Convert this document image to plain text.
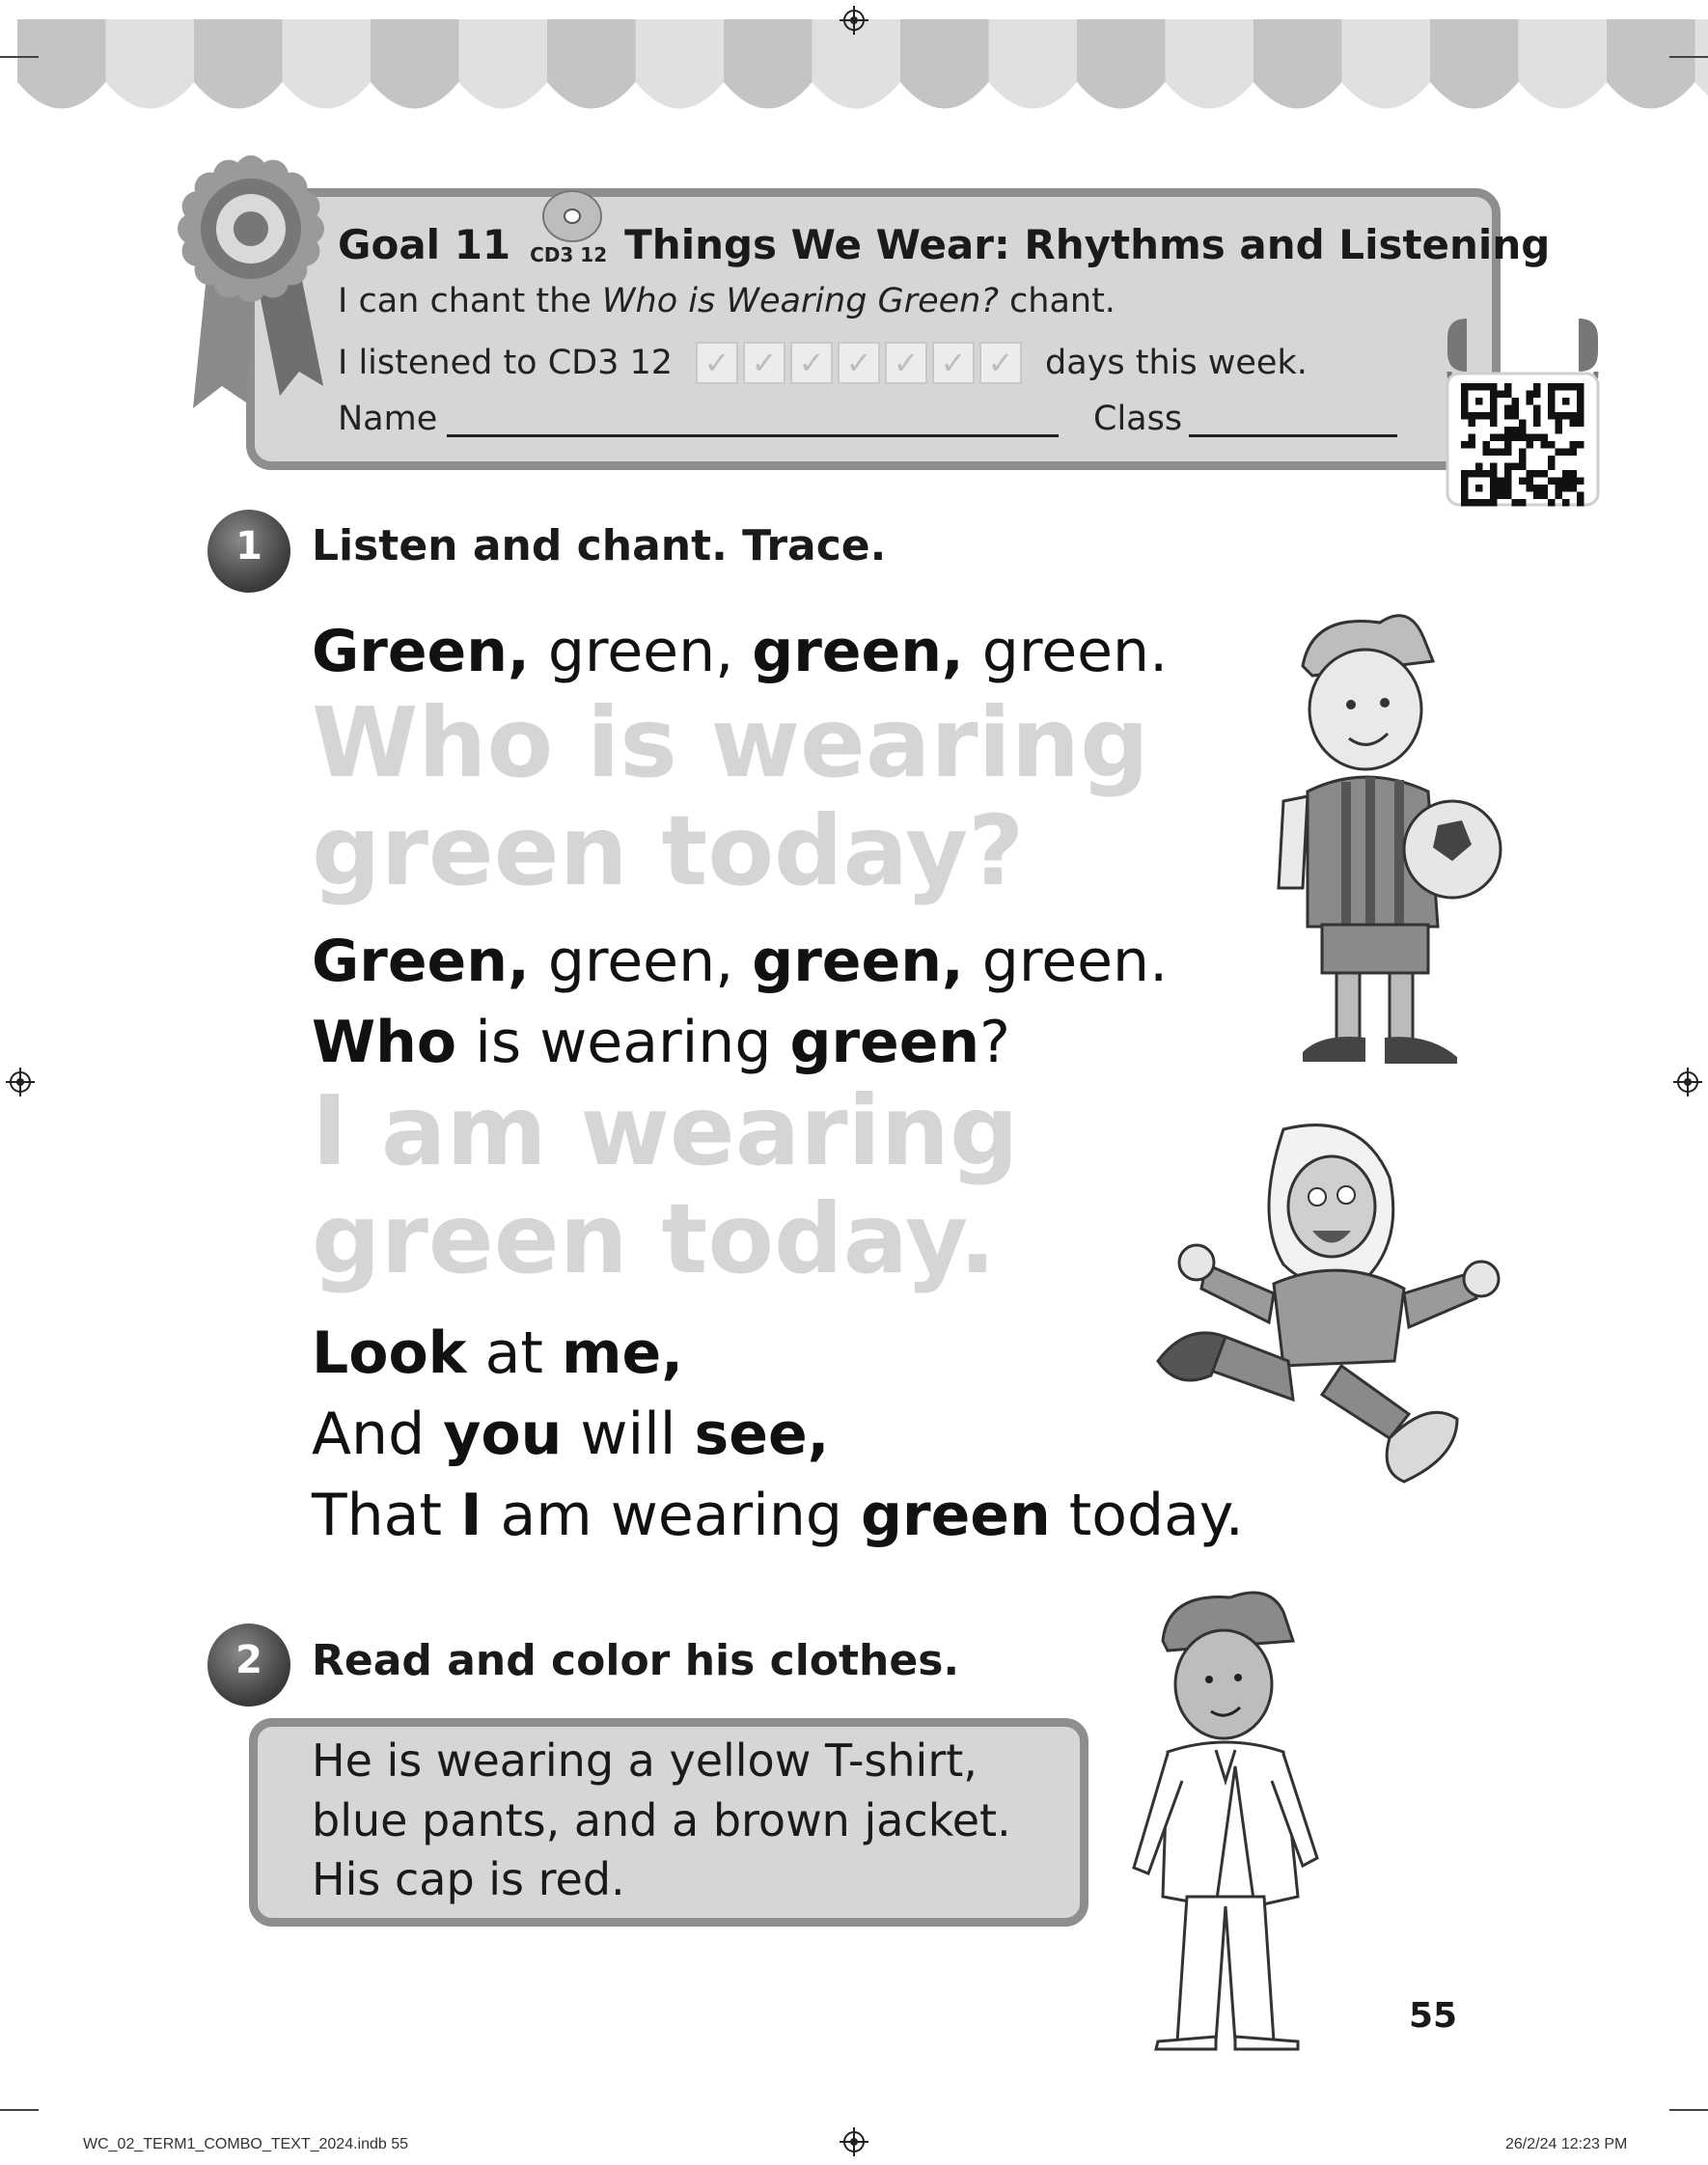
Goal 11 CD3 12 Things We Wear: Rhythms and Listening
I can chant the Who is Wearing Green? chant.
I listened to CD3 12 ✓ ✓ ✓ ✓ ✓ ✓ ✓ days this week.
Name	Class
1	Listen and chant. Trace.
Green, green, green, green.
Who is wearing
green today?
Green, green, green, green.
Who is wearing green?
I am wearing
green today.
Look at me,
And you will see,
That I am wearing green today.
2	Read and color his clothes.
He is wearing a yellow T-shirt,
blue pants, and a brown jacket.
His cap is red.
55
WC_02_TERM1_COMBO_TEXT_2024.indb 55	26/2/24 12:23 PM
